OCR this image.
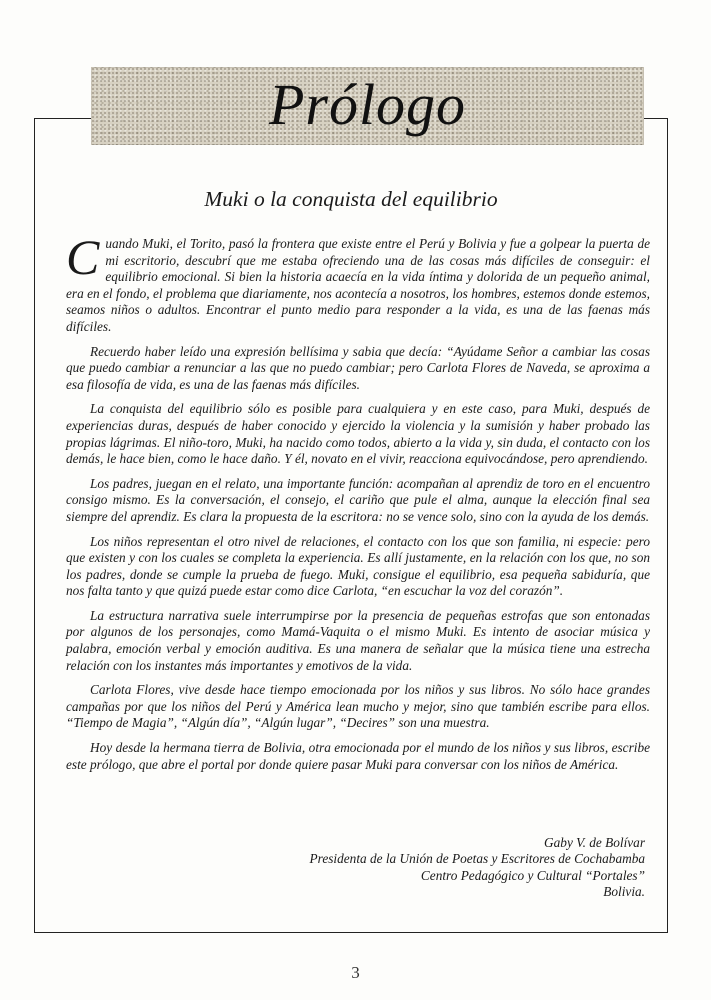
Prólogo
Muki o la conquista del equilibrio

Cuando Muki, el Torito, pasó la frontera que existe entre el Perú y Bolivia y fue a golpear la puerta de mi escritorio, descubrí que me estaba ofreciendo una de las cosas más difíciles de conseguir: el equilibrio emocional. Si bien la historia acaecía en la vida íntima y dolorida de un pequeño animal, era en el fondo, el problema que diariamente, nos acontecía a nosotros, los hombres, estemos donde estemos, seamos niños o adultos. Encontrar el punto medio para responder a la vida, es una de las faenas más difíciles.

Recuerdo haber leído una expresión bellísima y sabia que decía: “Ayúdame Señor a cambiar las cosas que puedo cambiar a renunciar a las que no puedo cambiar; pero Carlota Flores de Naveda, se aproxima a esa filosofía de vida, es una de las faenas más difíciles.

La conquista del equilibrio sólo es posible para cualquiera y en este caso, para Muki, después de experiencias duras, después de haber conocido y ejercido la violencia y la sumisión y haber probado las propias lágrimas. El niño-toro, Muki, ha nacido como todos, abierto a la vida y, sin duda, el contacto con los demás, le hace bien, como le hace daño. Y él, novato en el vivir, reacciona equivocándose, pero aprendiendo.

Los padres, juegan en el relato, una importante función: acompañan al aprendiz de toro en el encuentro consigo mismo. Es la conversación, el consejo, el cariño que pule el alma, aunque la elección final sea siempre del aprendiz. Es clara la propuesta de la escritora: no se vence solo, sino con la ayuda de los demás.

Los niños representan el otro nivel de relaciones, el contacto con los que son familia, ni especie: pero que existen y con los cuales se completa la experiencia. Es allí justamente, en la relación con los que, no son los padres, donde se cumple la prueba de fuego. Muki, consigue el equilibrio, esa pequeña sabiduría, que nos falta tanto y que quizá puede estar como dice Carlota, “en escuchar la voz del corazón”.

La estructura narrativa suele interrumpirse por la presencia de pequeñas estrofas que son entonadas por algunos de los personajes, como Mamá-Vaquita o el mismo Muki. Es intento de asociar música y palabra, emoción verbal y emoción auditiva. Es una manera de señalar que la música tiene una estrecha relación con los instantes más importantes y emotivos de la vida.

Carlota Flores, vive desde hace tiempo emocionada por los niños y sus libros. No sólo hace grandes campañas por que los niños del Perú y América lean mucho y mejor, sino que también escribe para ellos. “Tiempo de Magia”, “Algún día”, “Algún lugar”, “Decires” son una muestra.

Hoy desde la hermana tierra de Bolivia, otra emocionada por el mundo de los niños y sus libros, escribe este prólogo, que abre el portal por donde quiere pasar Muki para conversar con los niños de América.

Gaby V. de Bolívar
Presidenta de la Unión de Poetas y Escritores de Cochabamba
Centro Pedagógico y Cultural “Portales”
Bolivia.
3
